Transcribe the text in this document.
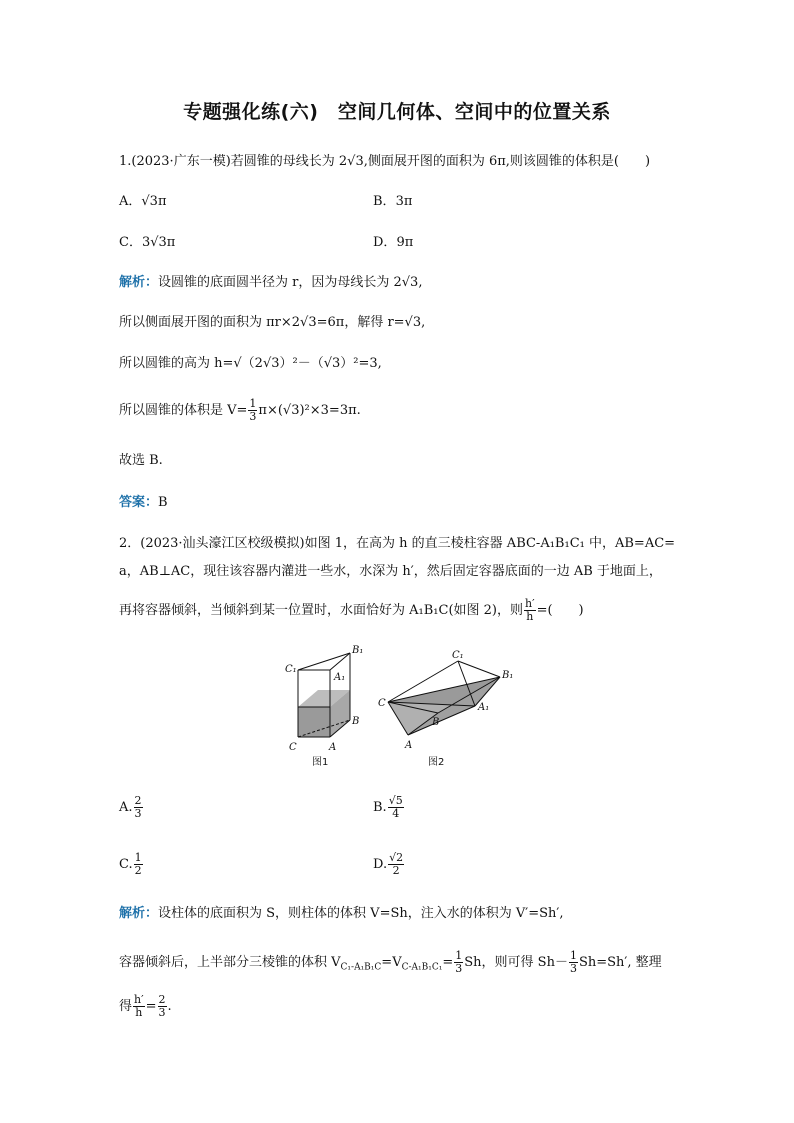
专题强化练(六)　空间几何体、空间中的位置关系
1.(2023·广东一模)若圆锥的母线长为 2√3,侧面展开图的面积为 6π,则该圆锥的体积是(　　)
A．√3π	B．3π
C．3√3π	D．9π
解析：设圆锥的底面圆半径为 r，因为母线长为 2√3,
所以侧面展开图的面积为 πr×2√3=6π，解得 r=√3,
所以圆锥的高为 h=√（2√3）²－（√3）²=3,
所以圆锥的体积是 $V= \frac{1}{3} \pi\times(√3)^2\times 3=3\pi$.
故选 B.
答案：B
2．(2023·汕头濠江区校级模拟)如图 1，在高为 h 的直三棱柱容器 ABC-A₁B₁C₁ 中，AB=AC=
a，AB⊥AC，现往该容器内灌进一些水，水深为 h′，然后固定容器底面的一边 AB 于地面上，
再将容器倾斜，当倾斜到某一位置时，水面恰好为 A₁B₁C(如图 2)，则 $\frac{h'}{h}$ =(　　)
C₁
B₁
A₁
B
C	A
图1
C₁
B₁
C	A₁
B
A
图2
A. $\frac{2}{3}$	B. $\frac{√5}{4}$
C. $\frac{1}{2}$	D. $\frac{√2}{2}$
解析：设柱体的底面积为 S，则柱体的体积 V=Sh，注入水的体积为 V′=Sh′,
容器倾斜后，上半部分三棱锥的体积 $V_{C_1-A_1B_1C}=V_{C-A_1B_1C_1}= \frac{1}{3}$ Sh，则可得 $Sh- \frac{1}{3} Sh=Sh'$, 整理
得 $\frac{h'}{h} = \frac{2}{3}$ .
